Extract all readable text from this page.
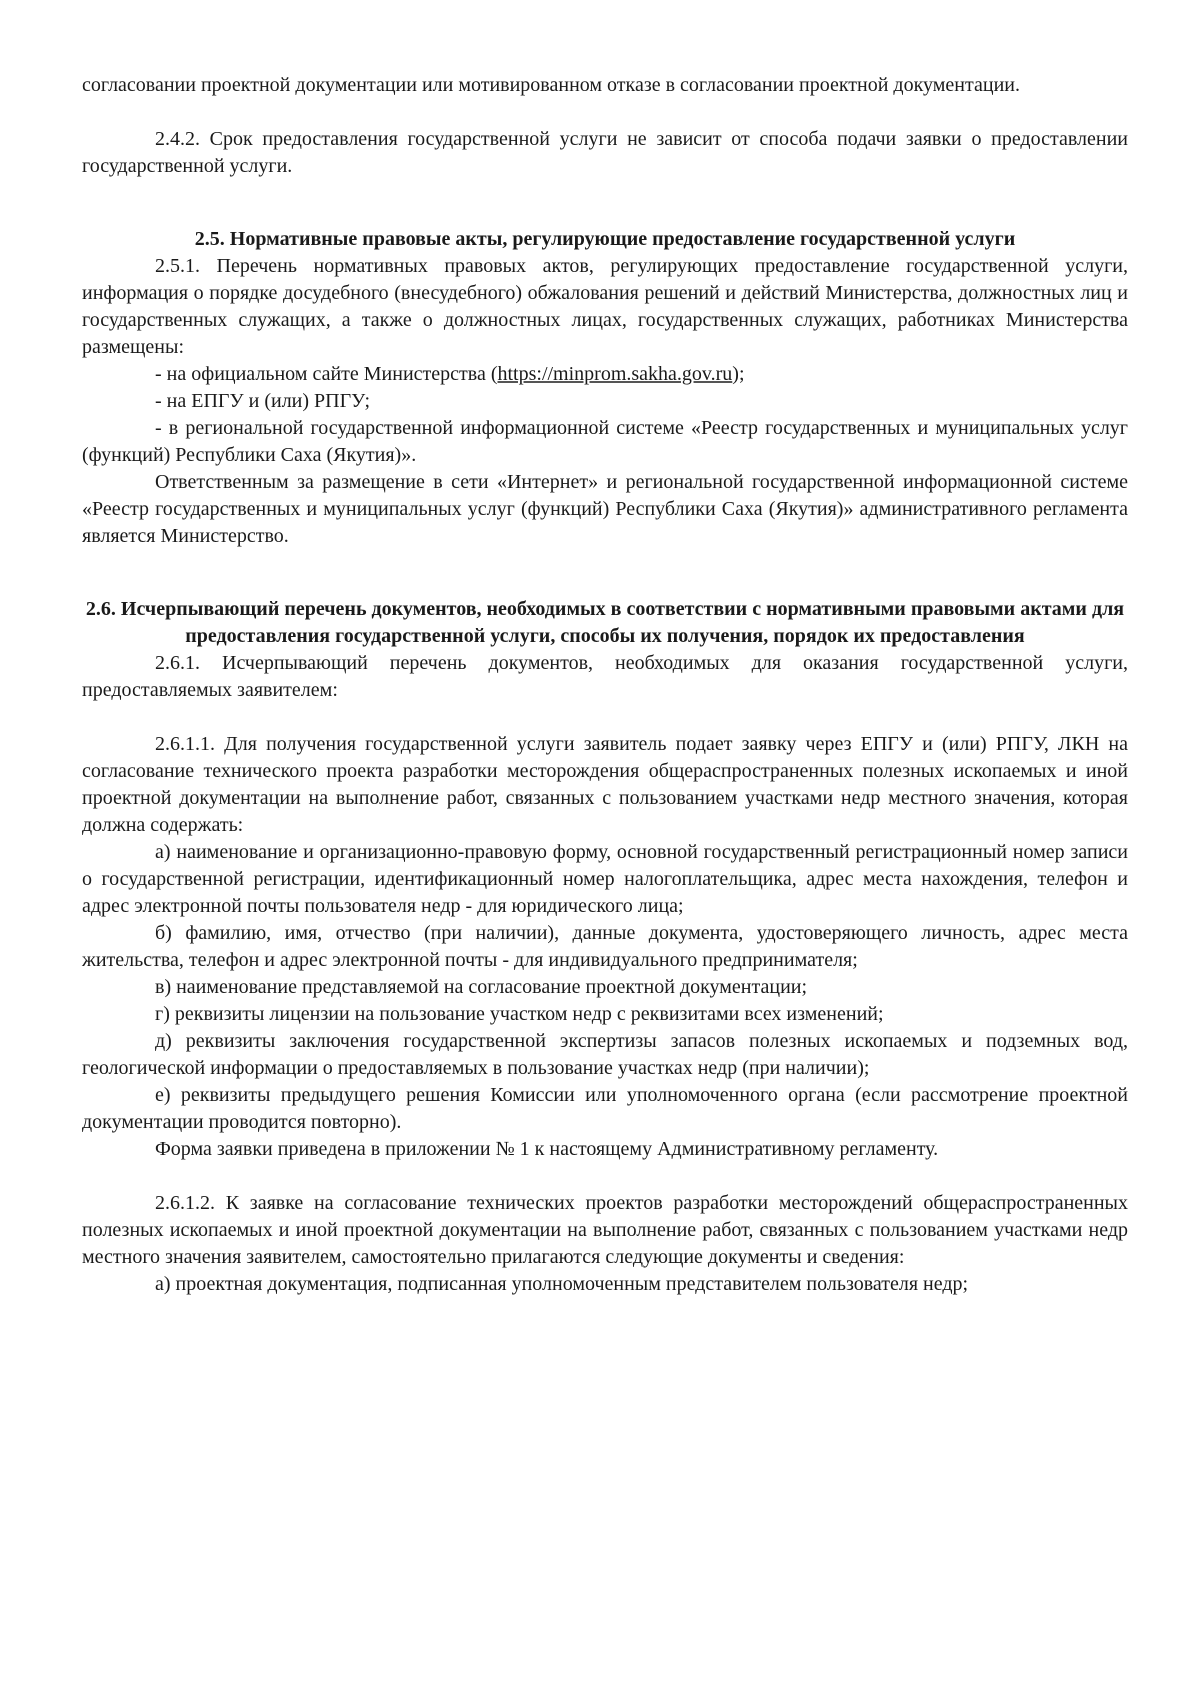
согласовании проектной документации или мотивированном отказе в согласовании проектной документации.

2.4.2. Срок предоставления государственной услуги не зависит от способа подачи заявки о предоставлении государственной услуги.

2.5. Нормативные правовые акты, регулирующие предоставление государственной услуги

2.5.1. Перечень нормативных правовых актов, регулирующих предоставление государственной услуги, информация о порядке досудебного (внесудебного) обжалования решений и действий Министерства, должностных лиц и государственных служащих, а также о должностных лицах, государственных служащих, работниках Министерства размещены:

- на официальном сайте Министерства (https://minprom.sakha.gov.ru);

- на ЕПГУ и (или) РПГУ;

- в региональной государственной информационной системе «Реестр государственных и муниципальных услуг (функций) Республики Саха (Якутия)».

Ответственным за размещение в сети «Интернет» и региональной государственной информационной системе «Реестр государственных и муниципальных услуг (функций) Республики Саха (Якутия)» административного регламента является Министерство.

2.6. Исчерпывающий перечень документов, необходимых в соответствии с нормативными правовыми актами для предоставления государственной услуги, способы их получения, порядок их предоставления

2.6.1. Исчерпывающий перечень документов, необходимых для оказания государственной услуги, предоставляемых заявителем:

2.6.1.1. Для получения государственной услуги заявитель подает заявку через ЕПГУ и (или) РПГУ, ЛКН на согласование технического проекта разработки месторождения общераспространенных полезных ископаемых и иной проектной документации на выполнение работ, связанных с пользованием участками недр местного значения, которая должна содержать:

а) наименование и организационно-правовую форму, основной государственный регистрационный номер записи о государственной регистрации, идентификационный номер налогоплательщика, адрес места нахождения, телефон и адрес электронной почты пользователя недр - для юридического лица;

б) фамилию, имя, отчество (при наличии), данные документа, удостоверяющего личность, адрес места жительства, телефон и адрес электронной почты - для индивидуального предпринимателя;

в) наименование представляемой на согласование проектной документации;

г) реквизиты лицензии на пользование участком недр с реквизитами всех изменений;

д) реквизиты заключения государственной экспертизы запасов полезных ископаемых и подземных вод, геологической информации о предоставляемых в пользование участках недр (при наличии);

е) реквизиты предыдущего решения Комиссии или уполномоченного органа (если рассмотрение проектной документации проводится повторно).

Форма заявки приведена в приложении № 1 к настоящему Административному регламенту.

2.6.1.2. К заявке на согласование технических проектов разработки месторождений общераспространенных полезных ископаемых и иной проектной документации на выполнение работ, связанных с пользованием участками недр местного значения заявителем, самостоятельно прилагаются следующие документы и сведения:

а) проектная документация, подписанная уполномоченным представителем пользователя недр;
